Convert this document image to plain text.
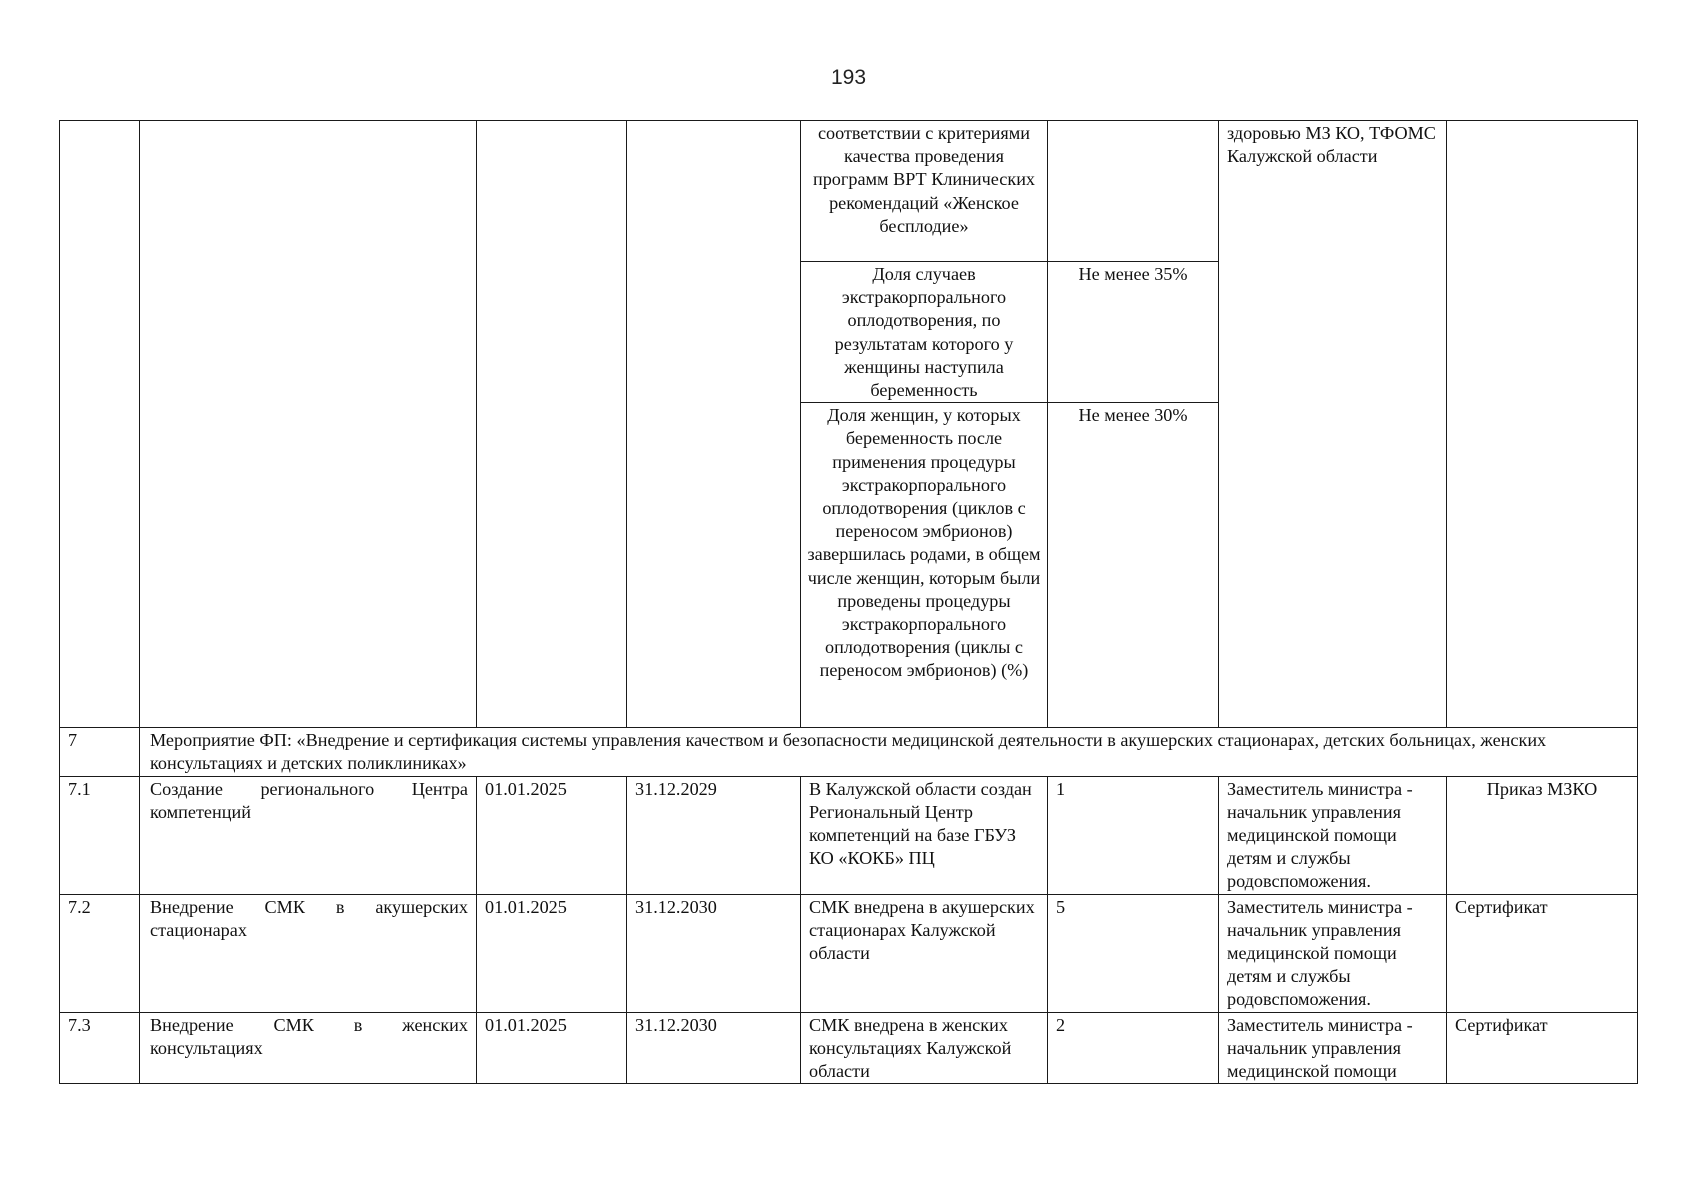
193
				соответствии с критериями качества проведения программ ВРТ Клинических рекомендаций «Женское бесплодие»		здоровью МЗ КО, ТФОМС Калужской области	
				Доля случаев экстракорпорального оплодотворения, по результатам которого у женщины наступила беременность	Не менее 35%		
				Доля женщин, у которых беременность после применения процедуры экстракорпорального оплодотворения (циклов с переносом эмбрионов) завершилась родами, в общем числе женщин, которым были проведены процедуры экстракорпорального оплодотворения (циклы с переносом эмбрионов) (%)	Не менее 30%		
7	Мероприятие ФП: «Внедрение и сертификация системы управления качеством и безопасности медицинской деятельности в акушерских стационарах, детских больницах, женских консультациях и детских поликлиниках»						
7.1	Создание регионального Центра компетенций	01.01.2025	31.12.2029	В Калужской области создан Региональный Центр компетенций на базе ГБУЗ КО «КОКБ» ПЦ	1	Заместитель министра - начальник управления медицинской помощи детям и службы родовспоможения.	Приказ МЗКО
7.2	Внедрение СМК в акушерских стационарах	01.01.2025	31.12.2030	СМК внедрена в акушерских стационарах Калужской области	5	Заместитель министра - начальник управления медицинской помощи детям и службы родовспоможения.	Сертификат
7.3	Внедрение СМК в женских консультациях	01.01.2025	31.12.2030	СМК внедрена в женских консультациях Калужской области	2	Заместитель министра - начальник управления медицинской помощи	Сертификат
